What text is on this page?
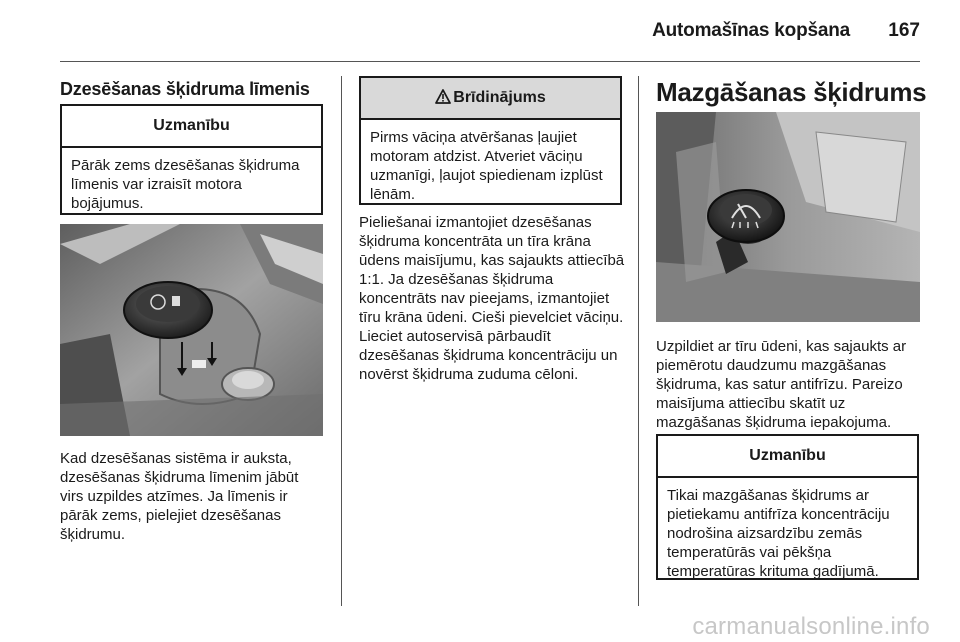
Automašīnas kopšana	167
Dzesēšanas šķidruma līmenis
Uzmanību
Pārāk zems dzesēšanas šķidruma līmenis var izraisīt motora bojājumus.
Kad dzesēšanas sistēma ir auksta, dzesēšanas šķidruma līmenim jābūt virs uzpildes atzīmes. Ja līmenis ir pārāk zems, pielejiet dzesēšanas šķidrumu.
Brīdinājums
Pirms vāciņa atvēršanas ļaujiet motoram atdzist. Atveriet vāciņu uzmanīgi, ļaujot spiedienam izplūst lēnām.
Pieliešanai izmantojiet dzesēšanas šķidruma koncentrāta un tīra krāna ūdens maisījumu, kas sajaukts attiecībā 1:1. Ja dzesēšanas šķidruma koncentrāts nav pieejams, izmantojiet tīru krāna ūdeni. Cieši pievelciet vāciņu. Lieciet autoservisā pārbaudīt dzesēšanas šķidruma koncentrāciju un novērst šķidruma zuduma cēloni.
Mazgāšanas šķidrums
Uzpildiet ar tīru ūdeni, kas sajaukts ar piemērotu daudzumu mazgāšanas šķidruma, kas satur antifrīzu. Pareizo maisījuma attiecību skatīt uz mazgāšanas šķidruma iepakojuma.
Uzmanību
Tikai mazgāšanas šķidrums ar pietiekamu antifrīza koncentrāciju nodrošina aizsardzību zemās temperatūrās vai pēkšņa temperatūras krituma gadījumā.
carmanualsonline.info
